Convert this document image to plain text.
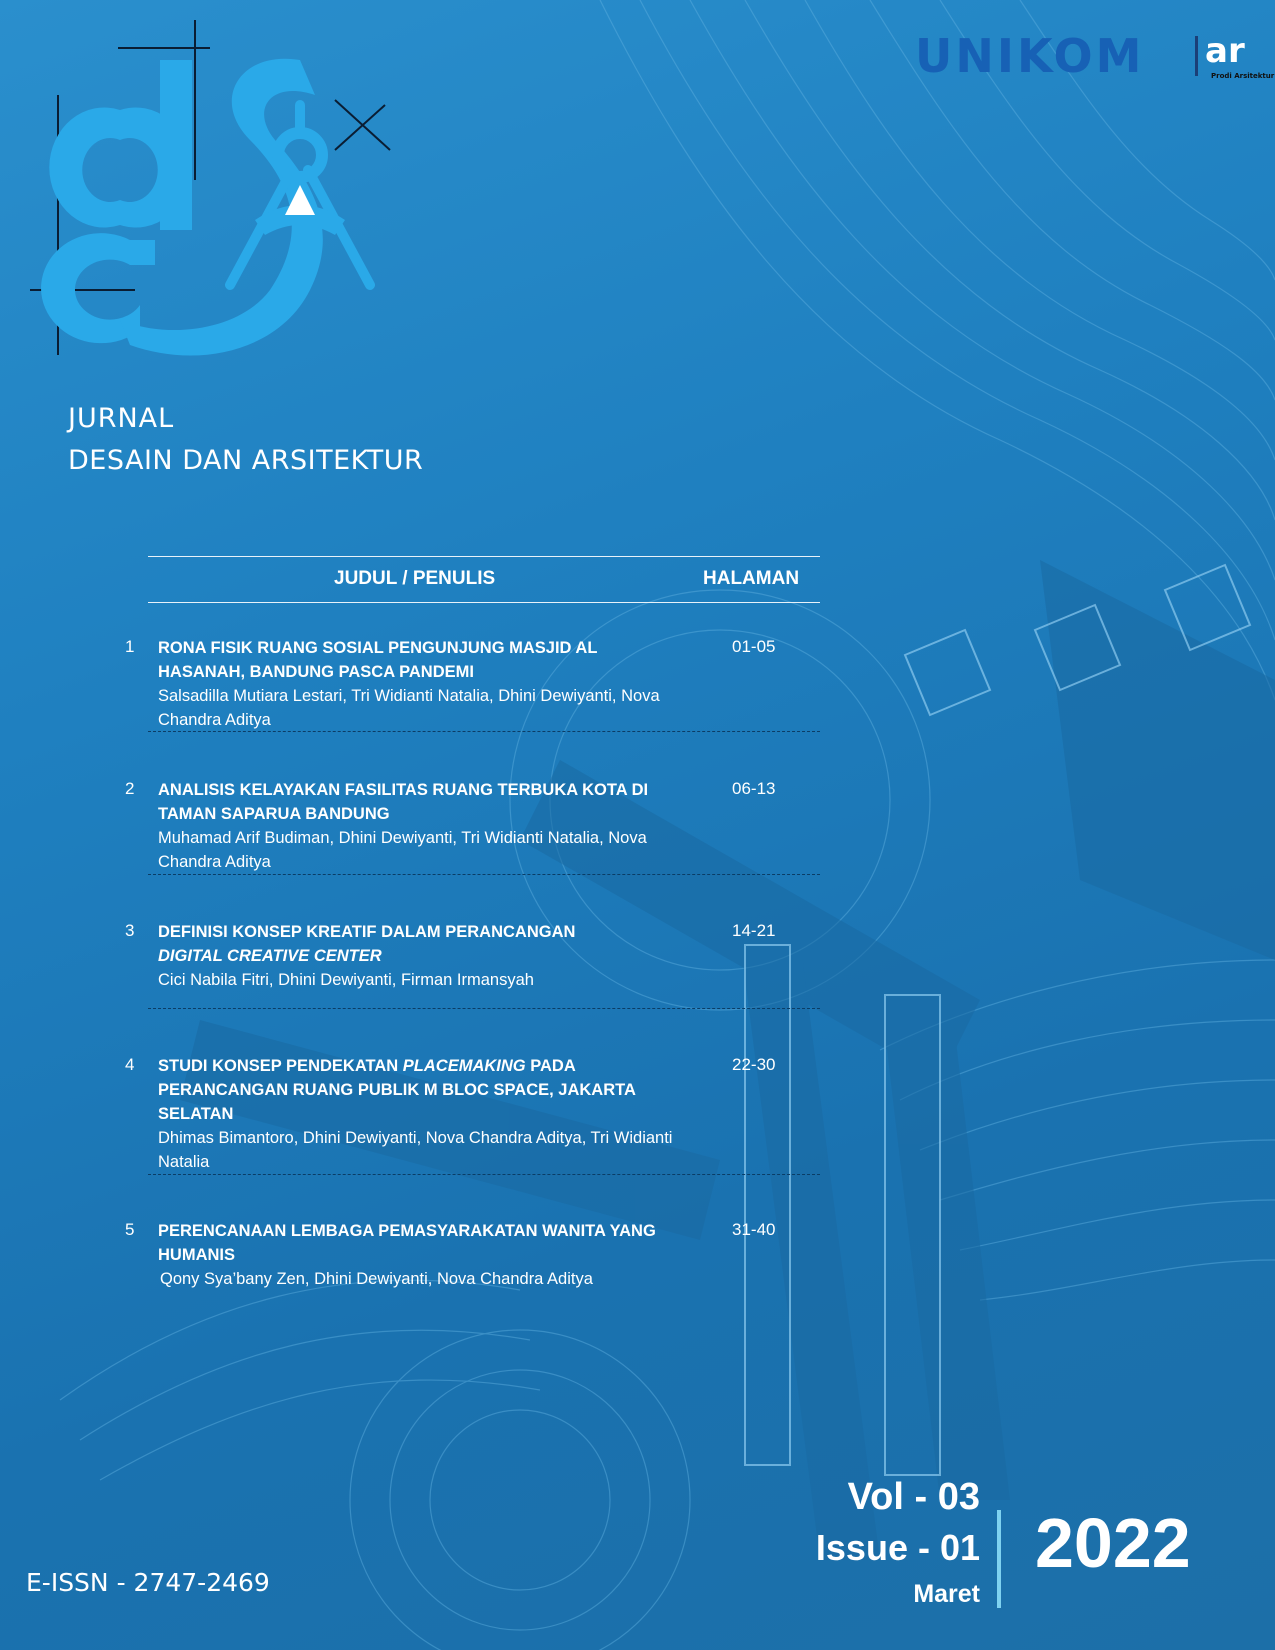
UNIKOM ar
Prodi Arsitektur
JURNAL
DESAIN DAN ARSITEKTUR
JUDUL / PENULIS	HALAMAN
1 RONA FISIK RUANG SOSIAL PENGUNJUNG MASJID AL HASANAH, BANDUNG PASCA PANDEMI
Salsadilla Mutiara Lestari, Tri Widianti Natalia, Dhini Dewiyanti, Nova Chandra Aditya
01-05
2 ANALISIS KELAYAKAN FASILITAS RUANG TERBUKA KOTA DI TAMAN SAPARUA BANDUNG
Muhamad Arif Budiman, Dhini Dewiyanti, Tri Widianti Natalia, Nova Chandra Aditya
06-13
3 DEFINISI KONSEP KREATIF DALAM PERANCANGAN
DIGITAL CREATIVE CENTER
Cici Nabila Fitri, Dhini Dewiyanti, Firman Irmansyah
14-21
4 STUDI KONSEP PENDEKATAN PLACEMAKING PADA PERANCANGAN RUANG PUBLIK M BLOC SPACE, JAKARTA SELATAN
Dhimas Bimantoro, Dhini Dewiyanti, Nova Chandra Aditya, Tri Widianti Natalia
22-30
5 PERENCANAAN LEMBAGA PEMASYARAKATAN WANITA YANG HUMANIS
Qony Sya’bany Zen, Dhini Dewiyanti, Nova Chandra Aditya
31-40
Vol - 03
Issue - 01
Maret
2022
E-ISSN - 2747-2469
